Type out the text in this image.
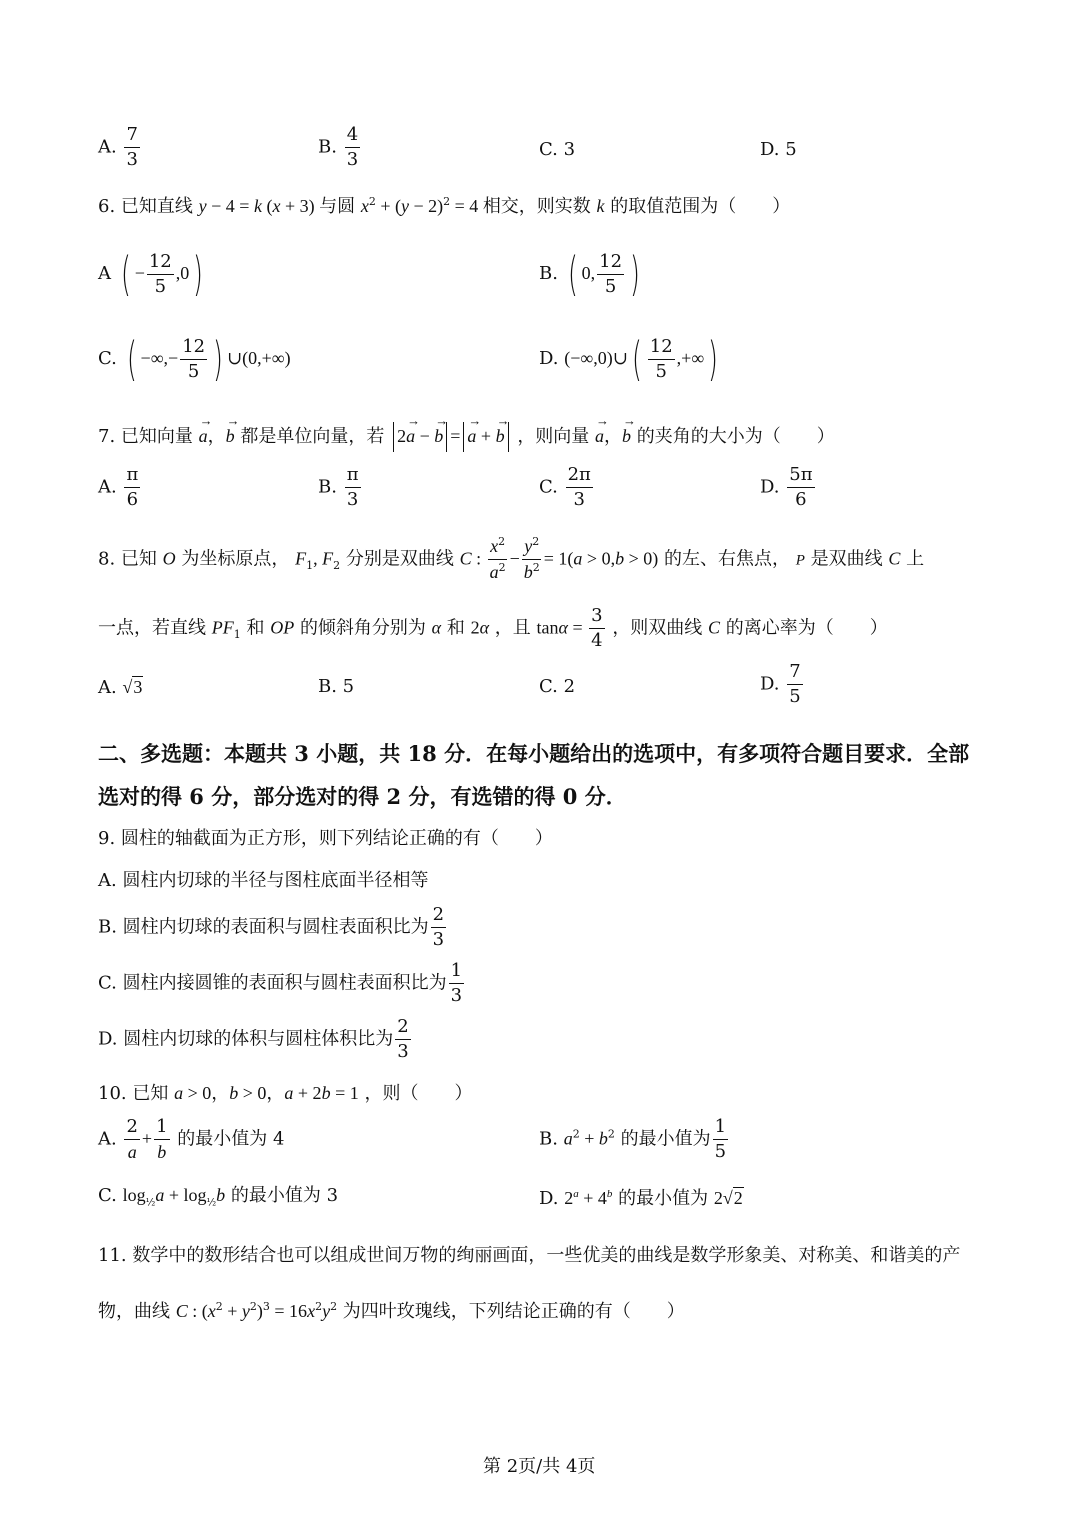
A. $\frac{7}{3}$	B. $\frac{4}{3}$	C. 3	D. 5
6. 已知直线 y − 4 = k (x + 3) 与圆 $x^2 + (y - 2)^2 = 4$ 相交，则实数 k 的取值范围为（　　）
A ( − $\frac{12}{5} ,0$)	B. ( 0, $\frac{12}{5}$ )
C. ( −∞,− $\frac{12}{5}$ ) ∪(0,+∞)	D. (−∞,0)∪( $\frac{12}{5}$ ,+∞)
7. 已知向量 → a，→ b 都是单位向量，若 2→ a − → b = → a + → b ，则向量 → a，→ b 的夹角的大小为（　　）
A. $\frac{\pi}{6}$	B. $\frac{\pi}{3}$	C. $\frac{2\pi}{3}$	D. $\frac{5\pi}{6}$
8. 已知 O 为坐标原点， $F_1$, $F_2$ 分别是双曲线 C : $\frac{x^2}{a^2} - \frac{y^2}{b^2} = 1(a > 0,b > 0)$ 的左、右焦点， P 是双曲线 C 上
一点，若直线 $PF_1$ 和 OP 的倾斜角分别为 α 和 2α ，且 $\tan\alpha = \frac{3}{4}$ ，则双曲线 C 的离心率为（　　）
A. √3	B. 5	C. 2	D. $\frac{7}{5}$
二、多选题：本题共 3 小题，共 18 分．在每小题给出的选项中，有多项符合题目要求．全部
选对的得 6 分，部分选对的得 2 分，有选错的得 0 分．
9. 圆柱的轴截面为正方形，则下列结论正确的有（　　）
A. 圆柱内切球的半径与图柱底面半径相等
B. 圆柱内切球的表面积与圆柱表面积比为 $\frac{2}{3}$
C. 圆柱内接圆锥的表面积与圆柱表面积比为 $\frac{1}{3}$
D. 圆柱内切球的体积与圆柱体积比为 $\frac{2}{3}$
10. 已知 a > 0，b > 0，a + 2b = 1 ，则（　　）
A. $\frac{2}{a} + \frac{1}{b}$ 的最小值为 4	B. $a^2 + b^2$ 的最小值为 $\frac{1}{5}$
C. $\log_{\frac{1}{2}}a + \log_{\frac{1}{2}}b$ 的最小值为 3	D. $2^a + 4^b$ 的最小值为 2√2
11. 数学中的数形结合也可以组成世间万物的绚丽画面，一些优美的曲线是数学形象美、对称美、和谐美的产
物，曲线 C : $(x^2 + y^2)^3 = 16x^2y^2$ 为四叶玫瑰线，下列结论正确的有（　　）
第 2页/共 4页
